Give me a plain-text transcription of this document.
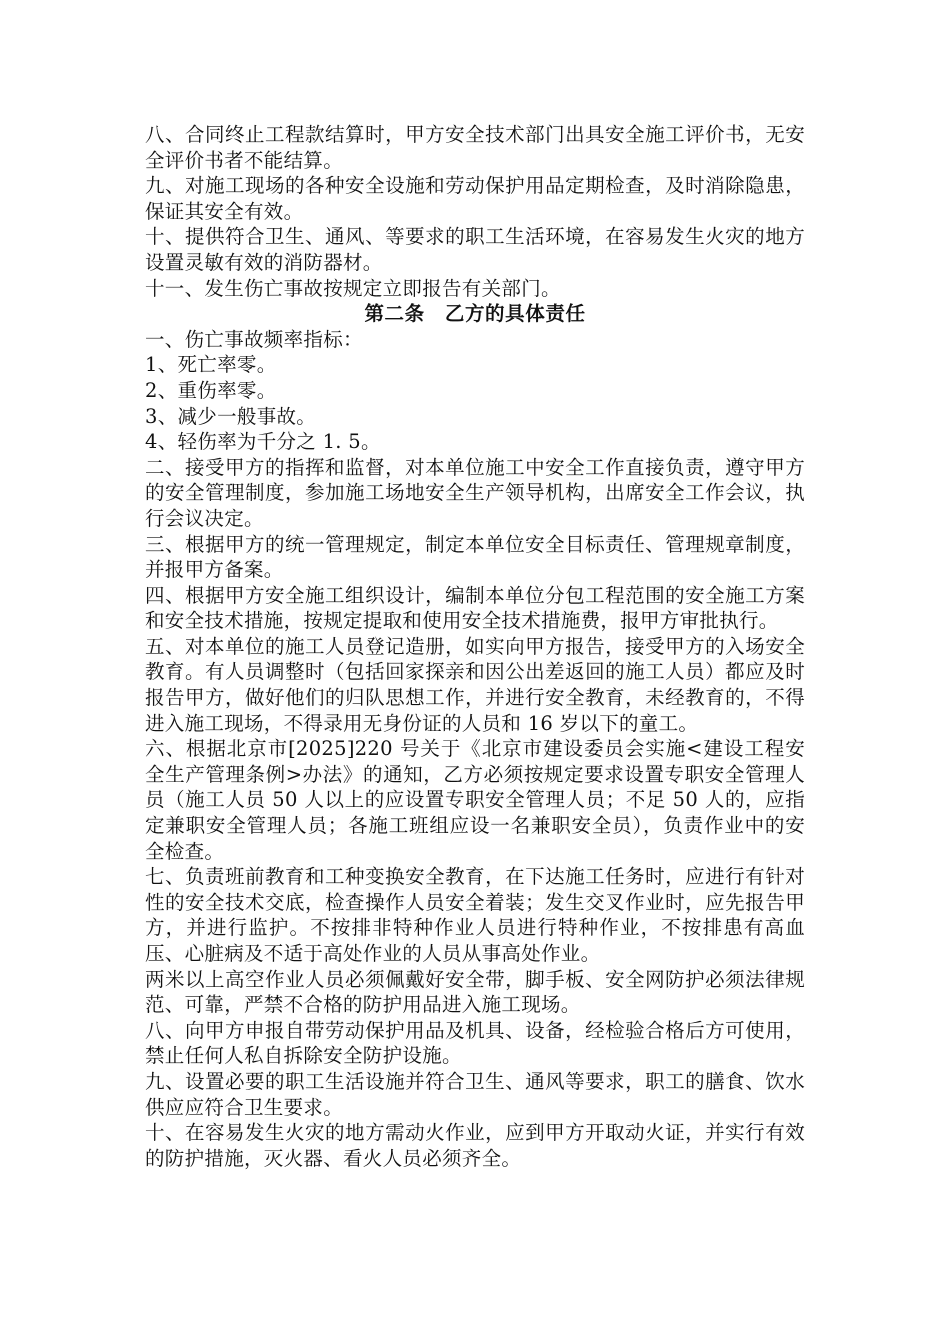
八、合同终止工程款结算时，甲方安全技术部门出具安全施工评价书，无安全评价书者不能结算。

九、对施工现场的各种安全设施和劳动保护用品定期检查，及时消除隐患，保证其安全有效。

十、提供符合卫生、通风、等要求的职工生活环境，在容易发生火灾的地方设置灵敏有效的消防器材。

十一、发生伤亡事故按规定立即报告有关部门。

第二条　乙方的具体责任

一、伤亡事故频率指标：

1、死亡率零。

2、重伤率零。

3、减少一般事故。

4、轻伤率为千分之 1. 5。

二、接受甲方的指挥和监督，对本单位施工中安全工作直接负责，遵守甲方的安全管理制度，参加施工场地安全生产领导机构，出席安全工作会议，执行会议决定。

三、根据甲方的统一管理规定，制定本单位安全目标责任、管理规章制度，并报甲方备案。

四、根据甲方安全施工组织设计，编制本单位分包工程范围的安全施工方案和安全技术措施，按规定提取和使用安全技术措施费，报甲方审批执行。

五、对本单位的施工人员登记造册，如实向甲方报告，接受甲方的入场安全教育。有人员调整时（包括回家探亲和因公出差返回的施工人员）都应及时报告甲方，做好他们的归队思想工作，并进行安全教育，未经教育的，不得进入施工现场，不得录用无身份证的人员和 16 岁以下的童工。

六、根据北京市[2025]220 号关于《北京市建设委员会实施<建设工程安全生产管理条例>办法》的通知，乙方必须按规定要求设置专职安全管理人员（施工人员 50 人以上的应设置专职安全管理人员；不足 50 人的，应指定兼职安全管理人员；各施工班组应设一名兼职安全员），负责作业中的安全检查。

七、负责班前教育和工种变换安全教育，在下达施工任务时，应进行有针对性的安全技术交底，检查操作人员安全着装；发生交叉作业时，应先报告甲方，并进行监护。不按排非特种作业人员进行特种作业，不按排患有高血压、心脏病及不适于高处作业的人员从事高处作业。

两米以上高空作业人员必须佩戴好安全带，脚手板、安全网防护必须法律规范、可靠，严禁不合格的防护用品进入施工现场。

八、向甲方申报自带劳动保护用品及机具、设备，经检验合格后方可使用，禁止任何人私自拆除安全防护设施。

九、设置必要的职工生活设施并符合卫生、通风等要求，职工的膳食、饮水供应应符合卫生要求。

十、在容易发生火灾的地方需动火作业，应到甲方开取动火证，并实行有效的防护措施，灭火器、看火人员必须齐全。
